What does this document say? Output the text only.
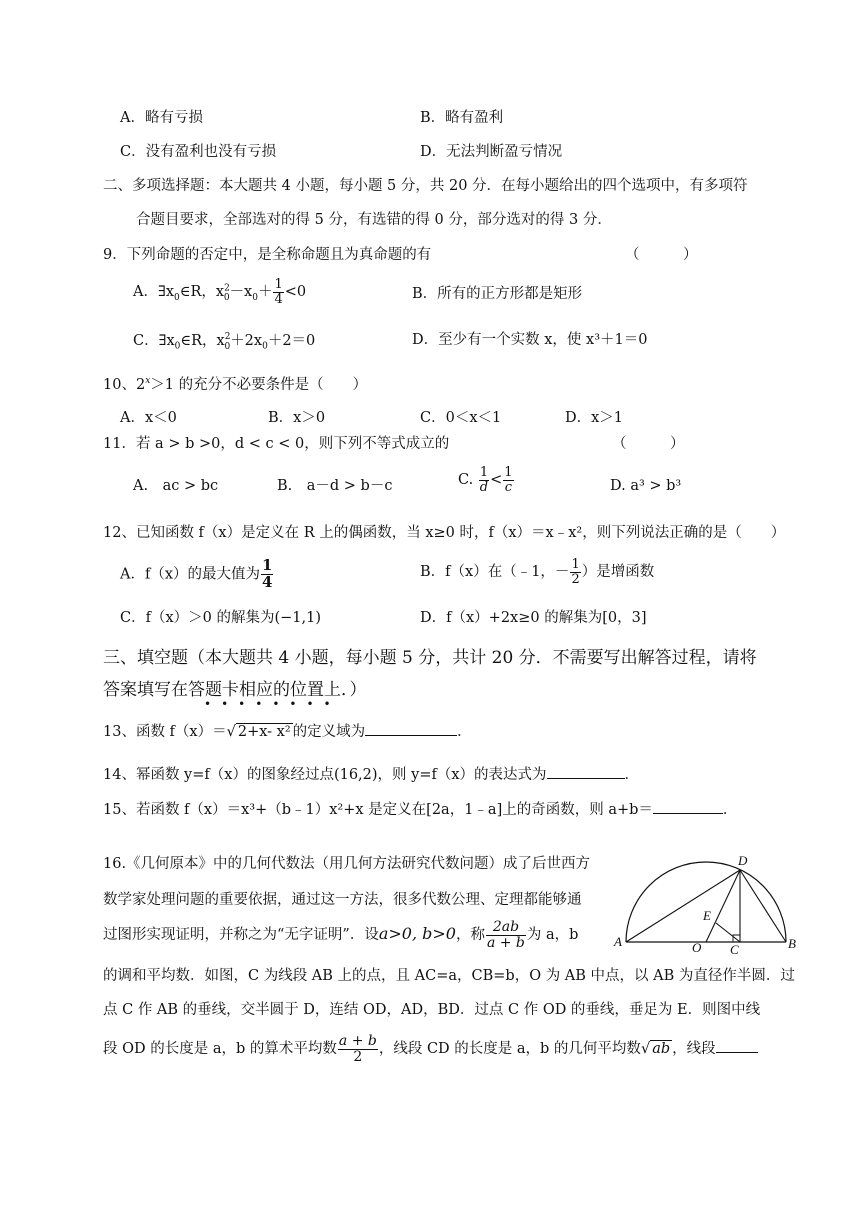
A．略有亏损	B．略有盈利
C．没有盈利也没有亏损	D．无法判断盈亏情况
二、多项选择题：本大题共 4 小题，每小题 5 分，共 20 分．在每小题给出的四个选项中，有多项符
合题目要求，全部选对的得 5 分，有选错的得 0 分，部分选对的得 3 分．
9．下列命题的否定中，是全称命题且为真命题的有	（　　　）
A．$\exists x_0\in R$，$x^2_0-x_0+ \frac{1}{4} <0$	B．所有的正方形都是矩形
C．$\exists x_0\in R$，$x^2_0+2x_0+2=0$	D．至少有一个实数 x，使 x³＋1＝0
10、$2^x>1$ 的充分不必要条件是（　　）
A．x＜0	B．x＞0	C．0＜x＜1	D．x＞1
11．若 a > b >0，d < c < 0，则下列不等式成立的	（　　　）
A.　ac > bc	B.　a－d > b－c	C. $\frac{1}{d} < \frac{1}{c}$	D. a³ > b³
12、已知函数 f（x）是定义在 R 上的偶函数，当 x≥0 时，f（x）＝x﹣x²，则下列说法正确的是（　　）
A．f（x）的最大值为 $\frac{1}{4}$	B．f（x）在（﹣1，－ $\frac{1}{2}$ ）是增函数
C．f（x）＞0 的解集为(−1,1)	D．f（x）+2x≥0 的解集为[0，3]
三、填空题（本大题共 4 小题，每小题 5 分，共计 20 分．不需要写出解答过程，请将
答案填写在答题卡相应的位置上．）
••••••••
13、函数 f（x）＝√ 2+x- x² 的定义域为	．
14、幂函数 y=f（x）的图象经过点(16,2)，则 y=f（x）的表达式为	．
15、若函数 f（x）＝x³+（b﹣1）x²+x 是定义在[2a，1﹣a]上的奇函数，则 a+b＝	．
16.《几何原本》中的几何代数法（用几何方法研究代数问题）成了后世西方
数学家处理问题的重要依据，通过这一方法，很多代数公理、定理都能够通
过图形实现证明，并称之为“无字证明”．设a>0, b>0，称 $\frac{2ab}{a + b}$ 为 a，b
的调和平均数．如图，C 为线段 AB 上的点，且 AC=a，CB=b，O 为 AB 中点，以 AB 为直径作半圆．过
点 C 作 AB 的垂线，交半圆于 D，连结 OD，AD，BD．过点 C 作 OD 的垂线，垂足为 E．则图中线
段 OD 的长度是 a，b 的算术平均数 $\frac{a + b}{2}$ ，线段 CD 的长度是 a，b 的几何平均数√ ab ，线段
D
E
A	O C	B
